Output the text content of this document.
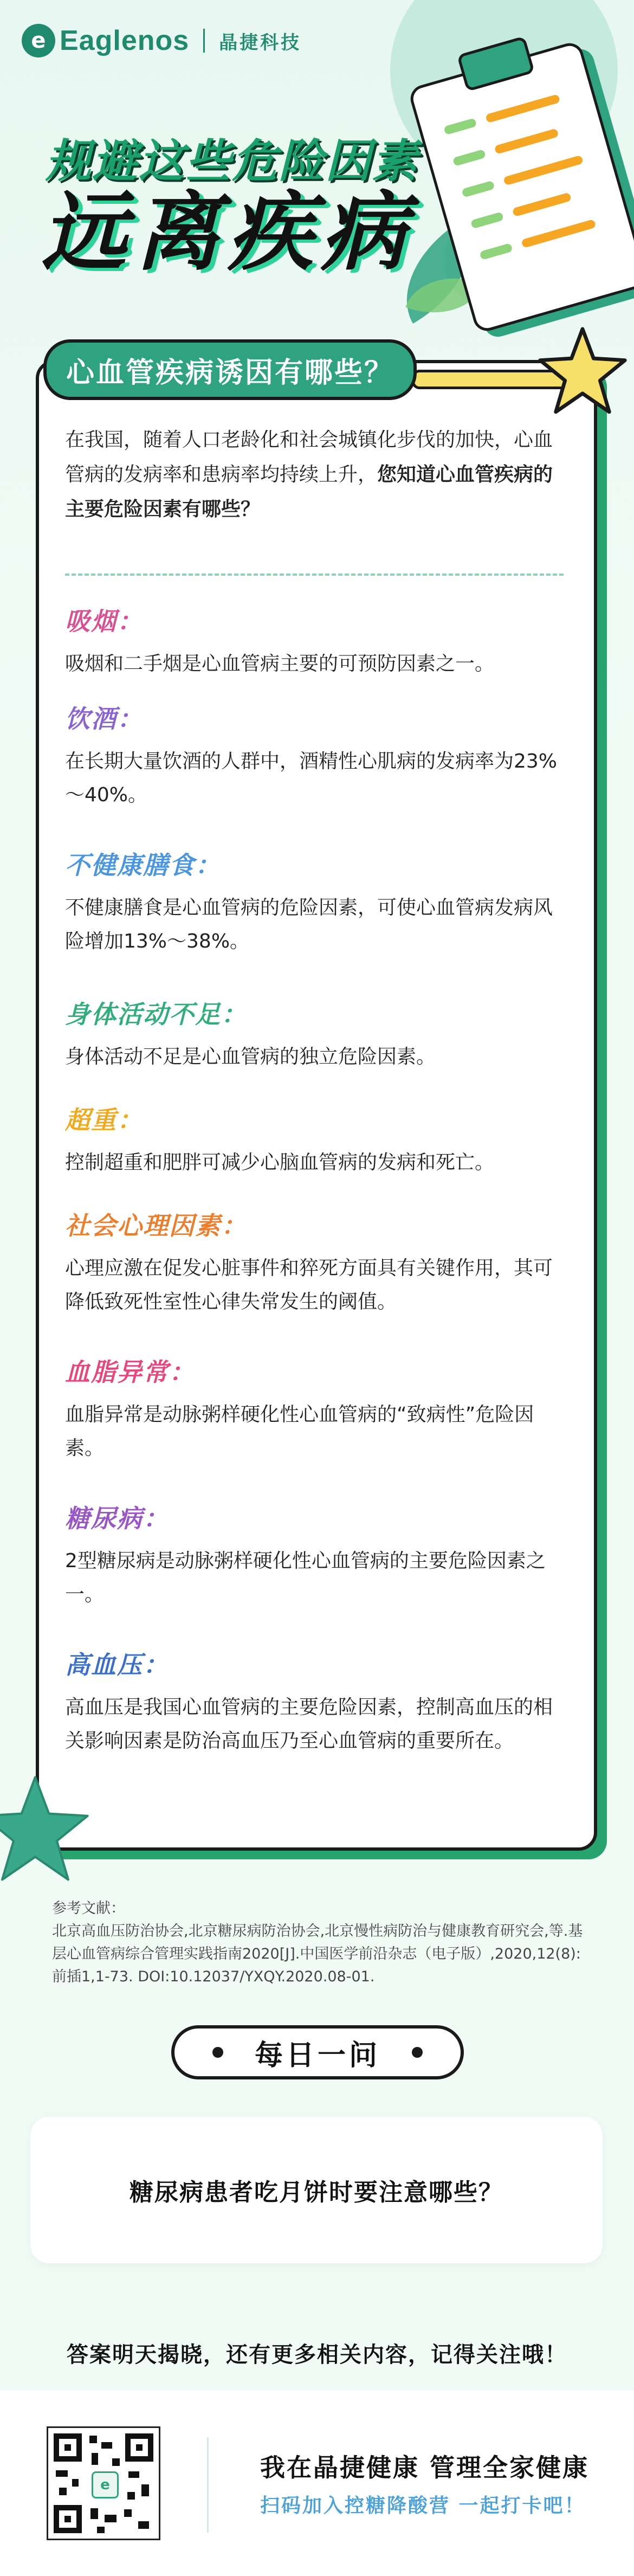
e Eaglenos 晶捷科技
规避这些危险因素
远离疾病
心血管疾病诱因有哪些？
在我国，随着人口老龄化和社会城镇化步伐的加快，心血管病的发病率和患病率均持续上升，您知道心血管疾病的主要危险因素有哪些？
吸烟：
吸烟和二手烟是心血管病主要的可预防因素之一。
饮酒：
在长期大量饮酒的人群中，酒精性心肌病的发病率为23%～40%。
不健康膳食：
不健康膳食是心血管病的危险因素，可使心血管病发病风险增加13%～38%。
身体活动不足：
身体活动不足是心血管病的独立危险因素。
超重：
控制超重和肥胖可减少心脑血管病的发病和死亡。
社会心理因素：
心理应激在促发心脏事件和猝死方面具有关键作用，其可降低致死性室性心律失常发生的阈值。
血脂异常：
血脂异常是动脉粥样硬化性心血管病的“致病性”危险因素。
糖尿病：
2型糖尿病是动脉粥样硬化性心血管病的主要危险因素之一。
高血压：
高血压是我国心血管病的主要危险因素，控制高血压的相关影响因素是防治高血压乃至心血管病的重要所在。
参考文献：
北京高血压防治协会,北京糖尿病防治协会,北京慢性病防治与健康教育研究会,等.基层心血管病综合管理实践指南2020[J].中国医学前沿杂志（电子版）,2020,12(8):前插1,1-73. DOI:10.12037/YXQY.2020.08-01.
每日一问
糖尿病患者吃月饼时要注意哪些？
答案明天揭晓，还有更多相关内容，记得关注哦！
e
我在晶捷健康 管理全家健康
扫码加入控糖降酸营 一起打卡吧！
